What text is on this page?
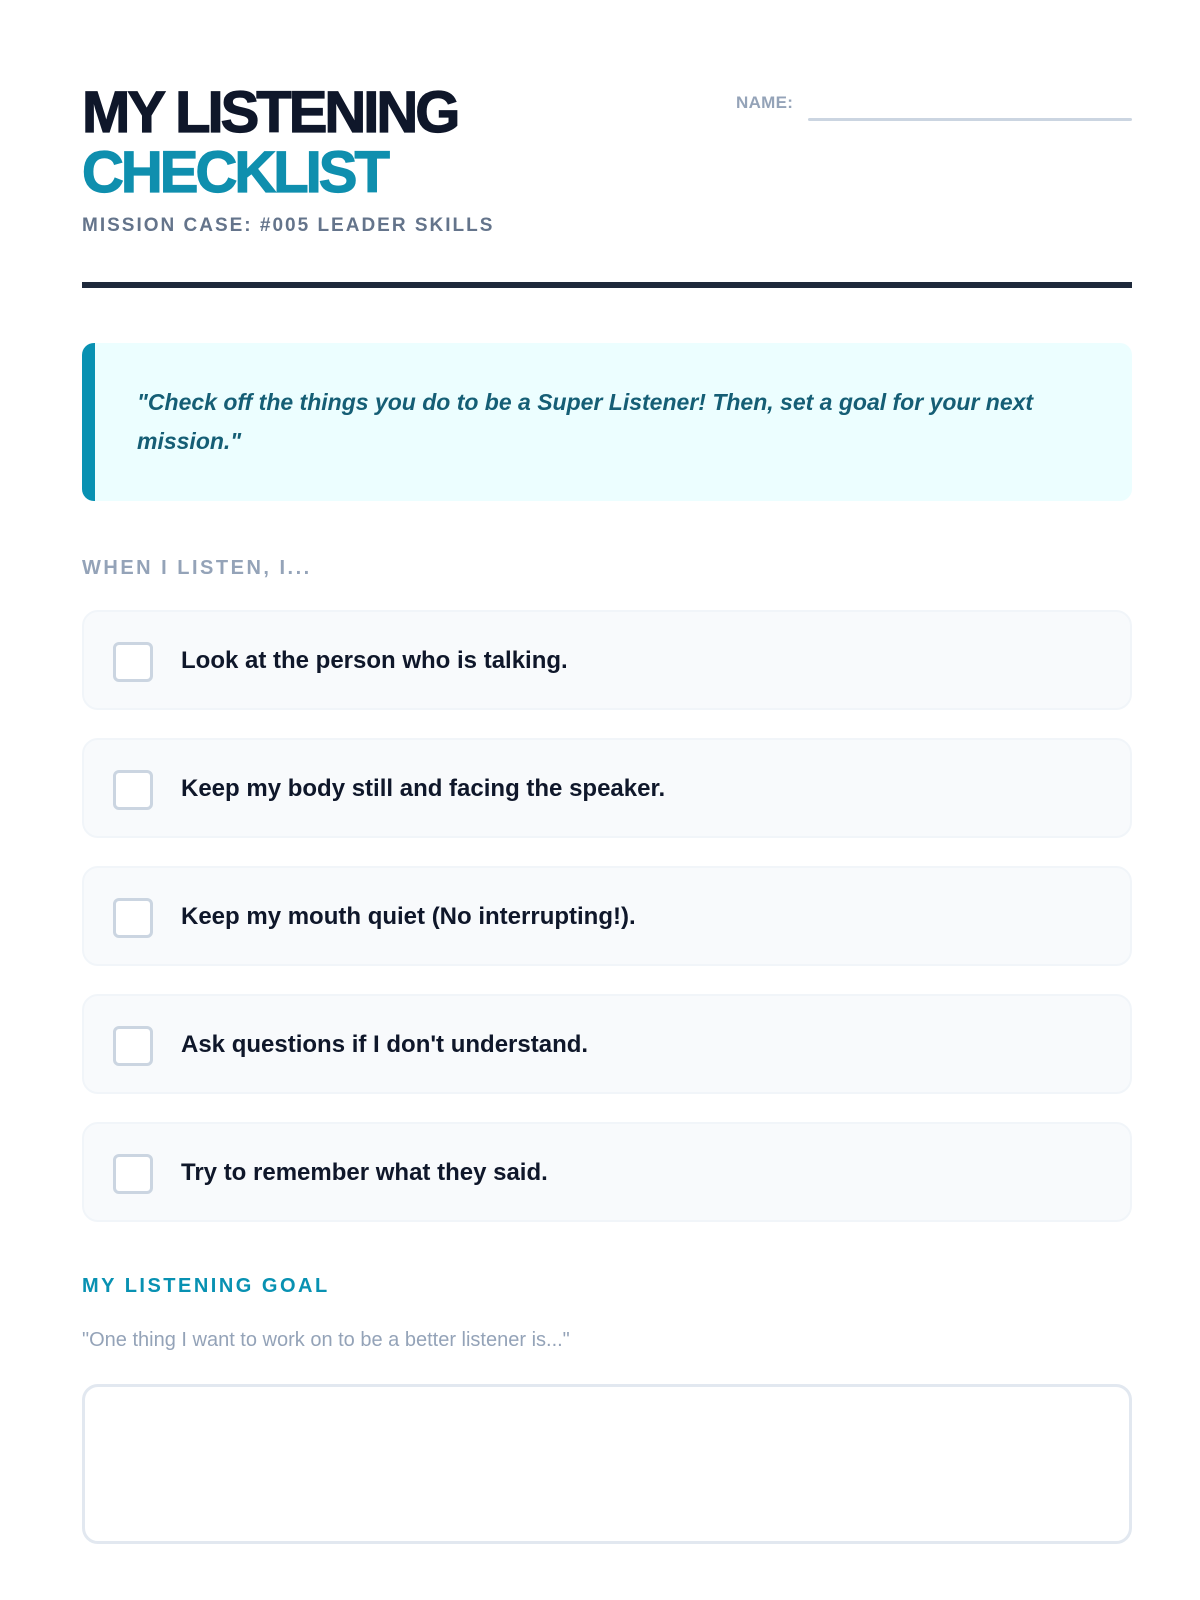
MY LISTENING
CHECKLIST
MISSION CASE: #005 LEADER SKILLS
NAME:
"Check off the things you do to be a Super Listener! Then, set a goal for your next mission."
WHEN I LISTEN, I...
Look at the person who is talking.
Keep my body still and facing the speaker.
Keep my mouth quiet (No interrupting!).
Ask questions if I don't understand.
Try to remember what they said.
MY LISTENING GOAL
"One thing I want to work on to be a better listener is..."
